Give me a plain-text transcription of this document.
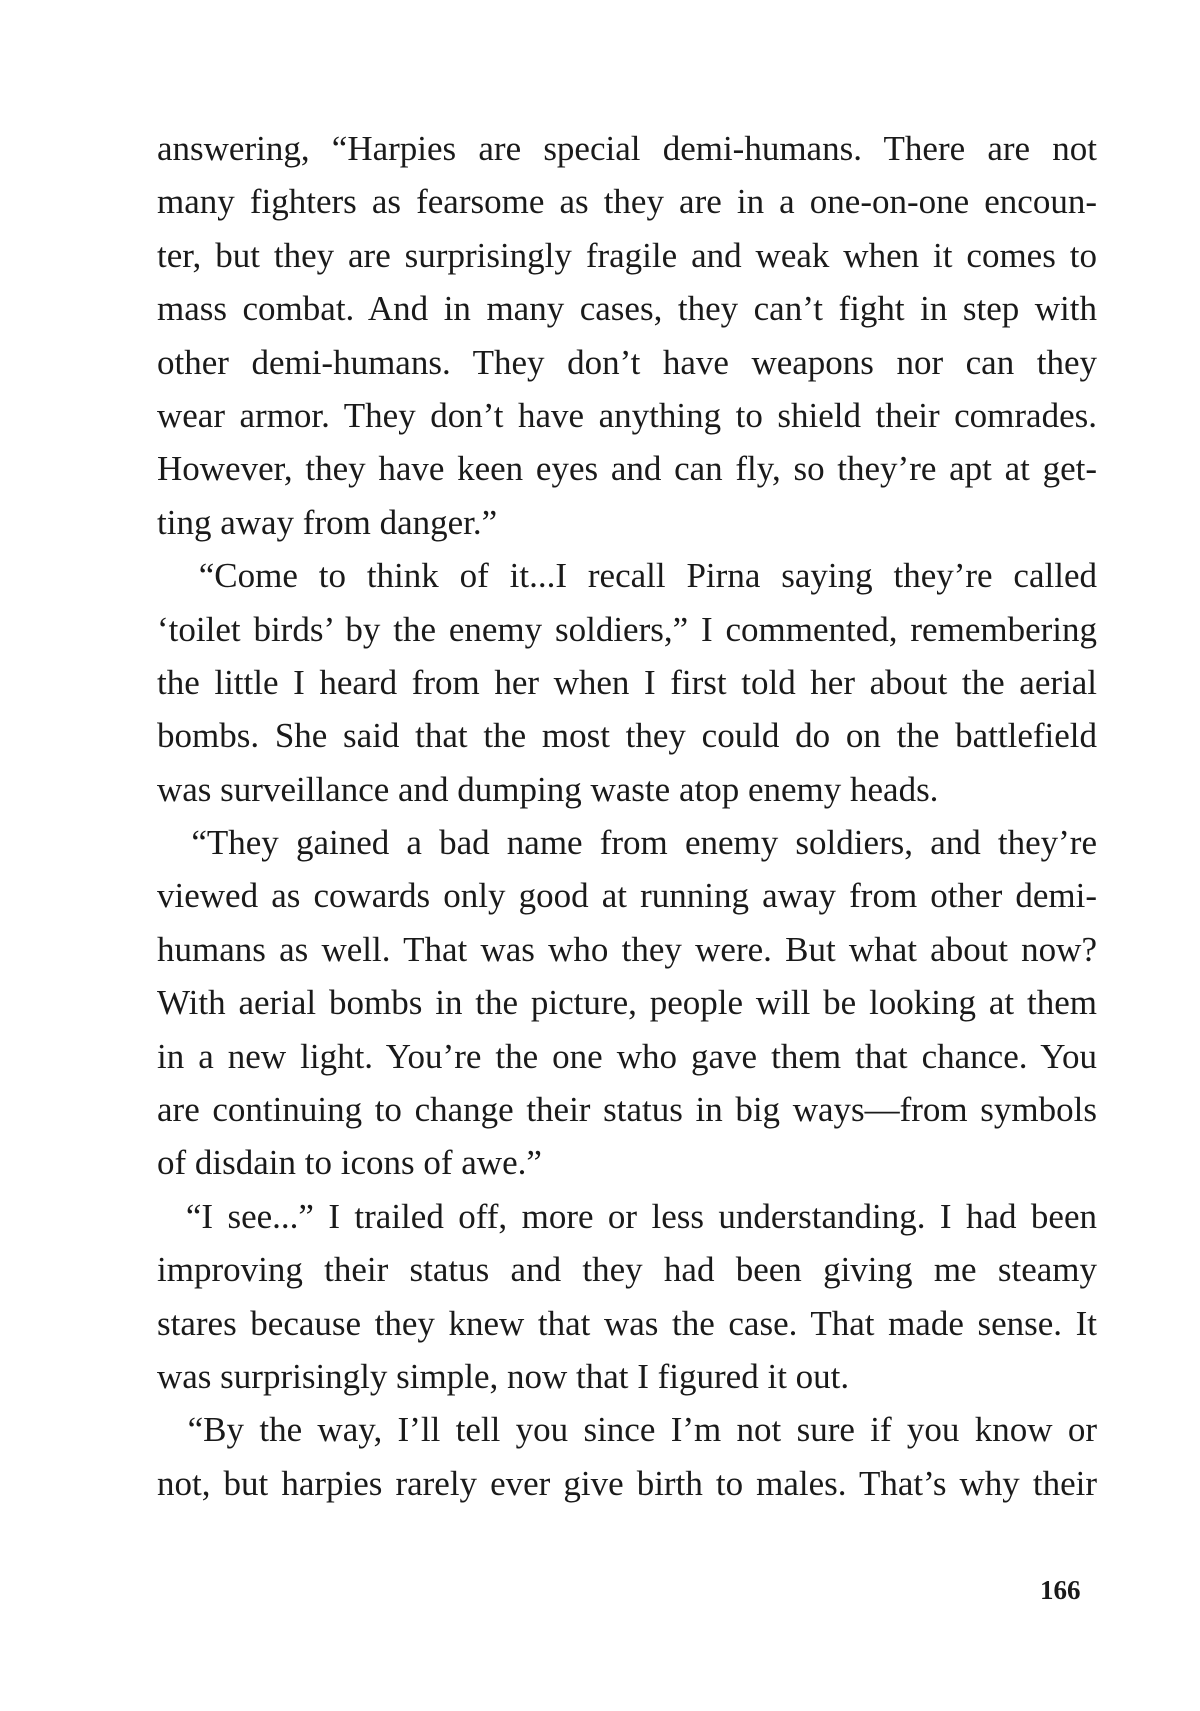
answering, “Harpies are special demi-humans. There are not
many fighters as fearsome as they are in a one-on-one encoun-
ter, but they are surprisingly fragile and weak when it comes to
mass combat. And in many cases, they can’t fight in step with
other demi-humans. They don’t have weapons nor can they
wear armor. They don’t have anything to shield their comrades.
However, they have keen eyes and can fly, so they’re apt at get-
ting away from danger.”
“Come to think of it...I recall Pirna saying they’re called
‘toilet birds’ by the enemy soldiers,” I commented, remembering
the little I heard from her when I first told her about the aerial
bombs. She said that the most they could do on the battlefield
was surveillance and dumping waste atop enemy heads.
“They gained a bad name from enemy soldiers, and they’re
viewed as cowards only good at running away from other demi-
humans as well. That was who they were. But what about now?
With aerial bombs in the picture, people will be looking at them
in a new light. You’re the one who gave them that chance. You
are continuing to change their status in big ways—from symbols
of disdain to icons of awe.”
“I see...” I trailed off, more or less understanding. I had been
improving their status and they had been giving me steamy
stares because they knew that was the case. That made sense. It
was surprisingly simple, now that I figured it out.
“By the way, I’ll tell you since I’m not sure if you know or
not, but harpies rarely ever give birth to males. That’s why their
166
